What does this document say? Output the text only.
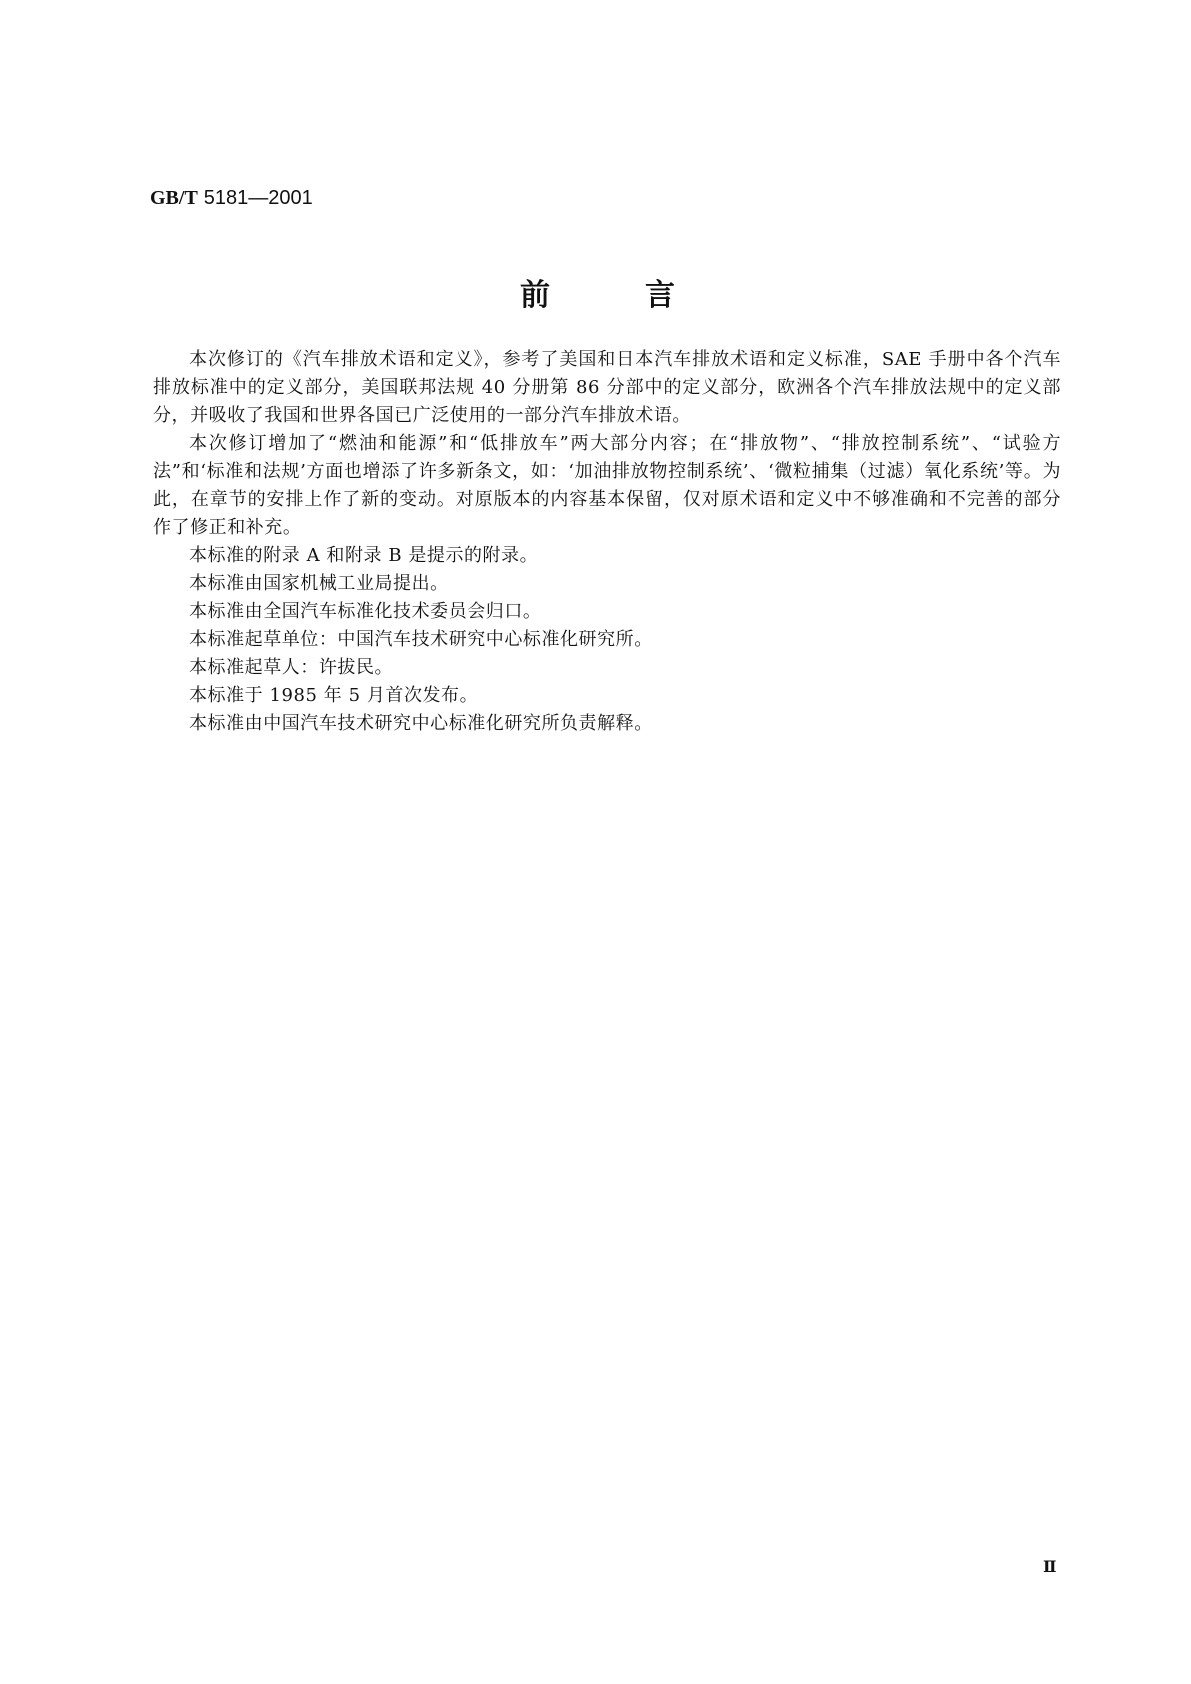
GB/T 5181—2001
前	言

本次修订的《汽车排放术语和定义》，参考了美国和日本汽车排放术语和定义标准，SAE 手册中各个汽车排放标准中的定义部分，美国联邦法规 40 分册第 86 分部中的定义部分，欧洲各个汽车排放法规中的定义部分，并吸收了我国和世界各国已广泛使用的一部分汽车排放术语。

本次修订增加了“燃油和能源”和“低排放车”两大部分内容；在“排放物”、“排放控制系统”、“试验方法”和‘标准和法规’方面也增添了许多新条文，如：‘加油排放物控制系统’、‘微粒捕集（过滤）氧化系统’等。为此，在章节的安排上作了新的变动。对原版本的内容基本保留，仅对原术语和定义中不够准确和不完善的部分作了修正和补充。

本标准的附录 A 和附录 B 是提示的附录。

本标准由国家机械工业局提出。

本标准由全国汽车标准化技术委员会归口。

本标准起草单位：中国汽车技术研究中心标准化研究所。

本标准起草人：许拔民。

本标准于 1985 年 5 月首次发布。

本标准由中国汽车技术研究中心标准化研究所负责解释。

Ⅱ
